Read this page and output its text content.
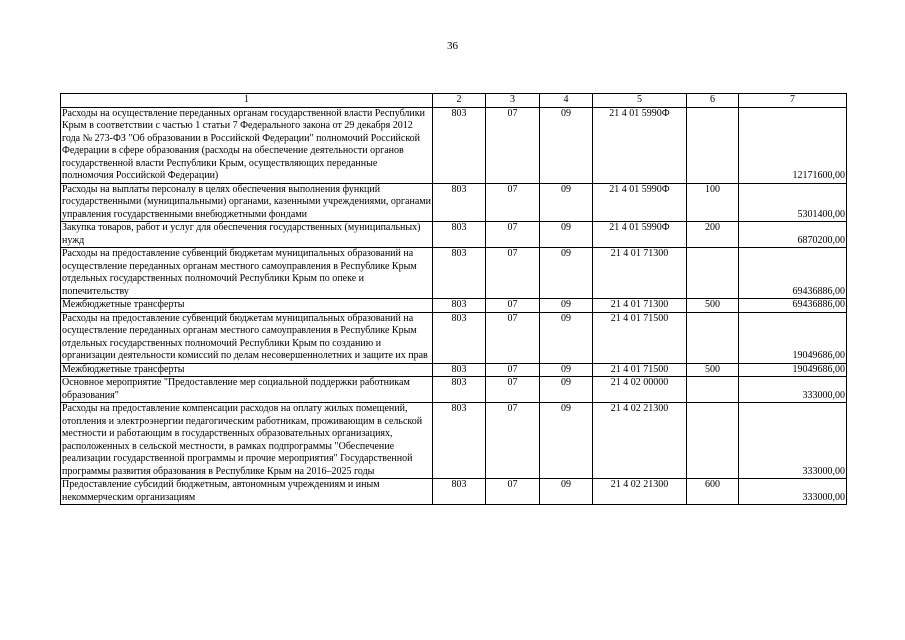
36
1	2	3	4	5	6	7
Расходы на осуществление переданных органам государственной власти Республики Крым в соответствии с частью 1 статьи 7 Федерального закона от 29 декабря 2012 года № 273-ФЗ "Об образовании в Российской Федерации" полномочий Российской Федерации в сфере образования (расходы на обеспечение деятельности органов государственной власти Республики Крым, осуществляющих переданные полномочия Российской Федерации)	803	07	09	21 4 01 5990Ф		12171600,00
Расходы на выплаты персоналу в целях обеспечения выполнения функций государственными (муниципальными) органами, казенными учреждениями, органами управления государственными внебюджетными фондами	803	07	09	21 4 01 5990Ф	100	5301400,00
Закупка товаров, работ и услуг для обеспечения государственных (муниципальных) нужд	803	07	09	21 4 01 5990Ф	200	6870200,00
Расходы на предоставление субвенций бюджетам муниципальных образований на осуществление переданных органам местного самоуправления в Республике Крым отдельных государственных полномочий Республики Крым по опеке и попечительству	803	07	09	21 4 01 71300		69436886,00
Межбюджетные трансферты	803	07	09	21 4 01 71300	500	69436886,00
Расходы на предоставление субвенций бюджетам муниципальных образований на осуществление переданных органам местного самоуправления в Республике Крым отдельных государственных полномочий Республики Крым по созданию и организации деятельности комиссий по делам несовершеннолетних и защите их прав	803	07	09	21 4 01 71500		19049686,00
Межбюджетные трансферты	803	07	09	21 4 01 71500	500	19049686,00
Основное мероприятие "Предоставление мер социальной поддержки работникам образования"	803	07	09	21 4 02 00000		333000,00
Расходы на предоставление компенсации расходов на оплату жилых помещений, отопления и электроэнергии педагогическим работникам, проживающим в сельской местности и работающим в государственных образовательных организациях, расположенных в сельской местности, в рамках подпрограммы "Обеспечение реализации государственной программы и прочие мероприятия" Государственной программы развития образования в Республике Крым на 2016–2025 годы	803	07	09	21 4 02 21300		333000,00
Предоставление субсидий бюджетным, автономным учреждениям и иным некоммерческим организациям	803	07	09	21 4 02 21300	600	333000,00
